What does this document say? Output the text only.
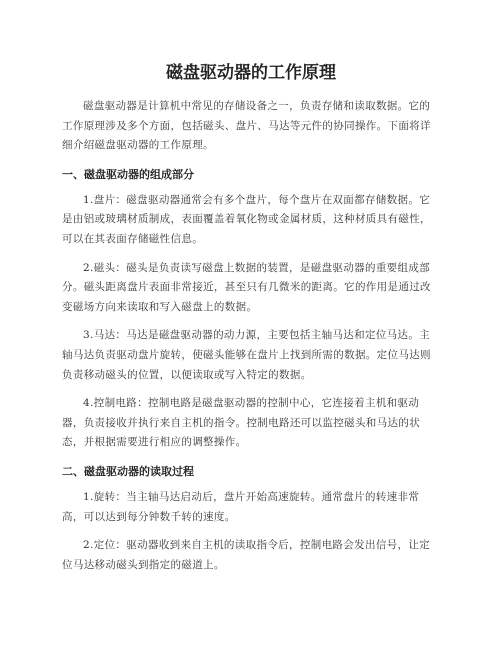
磁盘驱动器的工作原理

磁盘驱动器是计算机中常见的存储设备之一，负责存储和读取数据。它的工作原理涉及多个方面，包括磁头、盘片、马达等元件的协同操作。下面将详细介绍磁盘驱动器的工作原理。

一、磁盘驱动器的组成部分

1.盘片：磁盘驱动器通常会有多个盘片，每个盘片在双面都存储数据。它是由铝或玻璃材质制成，表面覆盖着氧化物或金属材质，这种材质具有磁性，可以在其表面存储磁性信息。

2.磁头：磁头是负责读写磁盘上数据的装置，是磁盘驱动器的重要组成部分。磁头距离盘片表面非常接近，甚至只有几微米的距离。它的作用是通过改变磁场方向来读取和写入磁盘上的数据。

3.马达：马达是磁盘驱动器的动力源，主要包括主轴马达和定位马达。主轴马达负责驱动盘片旋转，使磁头能够在盘片上找到所需的数据。定位马达则负责移动磁头的位置，以便读取或写入特定的数据。

4.控制电路：控制电路是磁盘驱动器的控制中心，它连接着主机和驱动器，负责接收并执行来自主机的指令。控制电路还可以监控磁头和马达的状态，并根据需要进行相应的调整操作。

二、磁盘驱动器的读取过程

1.旋转：当主轴马达启动后，盘片开始高速旋转。通常盘片的转速非常高，可以达到每分钟数千转的速度。

2.定位：驱动器收到来自主机的读取指令后，控制电路会发出信号，让定位马达移动磁头到指定的磁道上。
